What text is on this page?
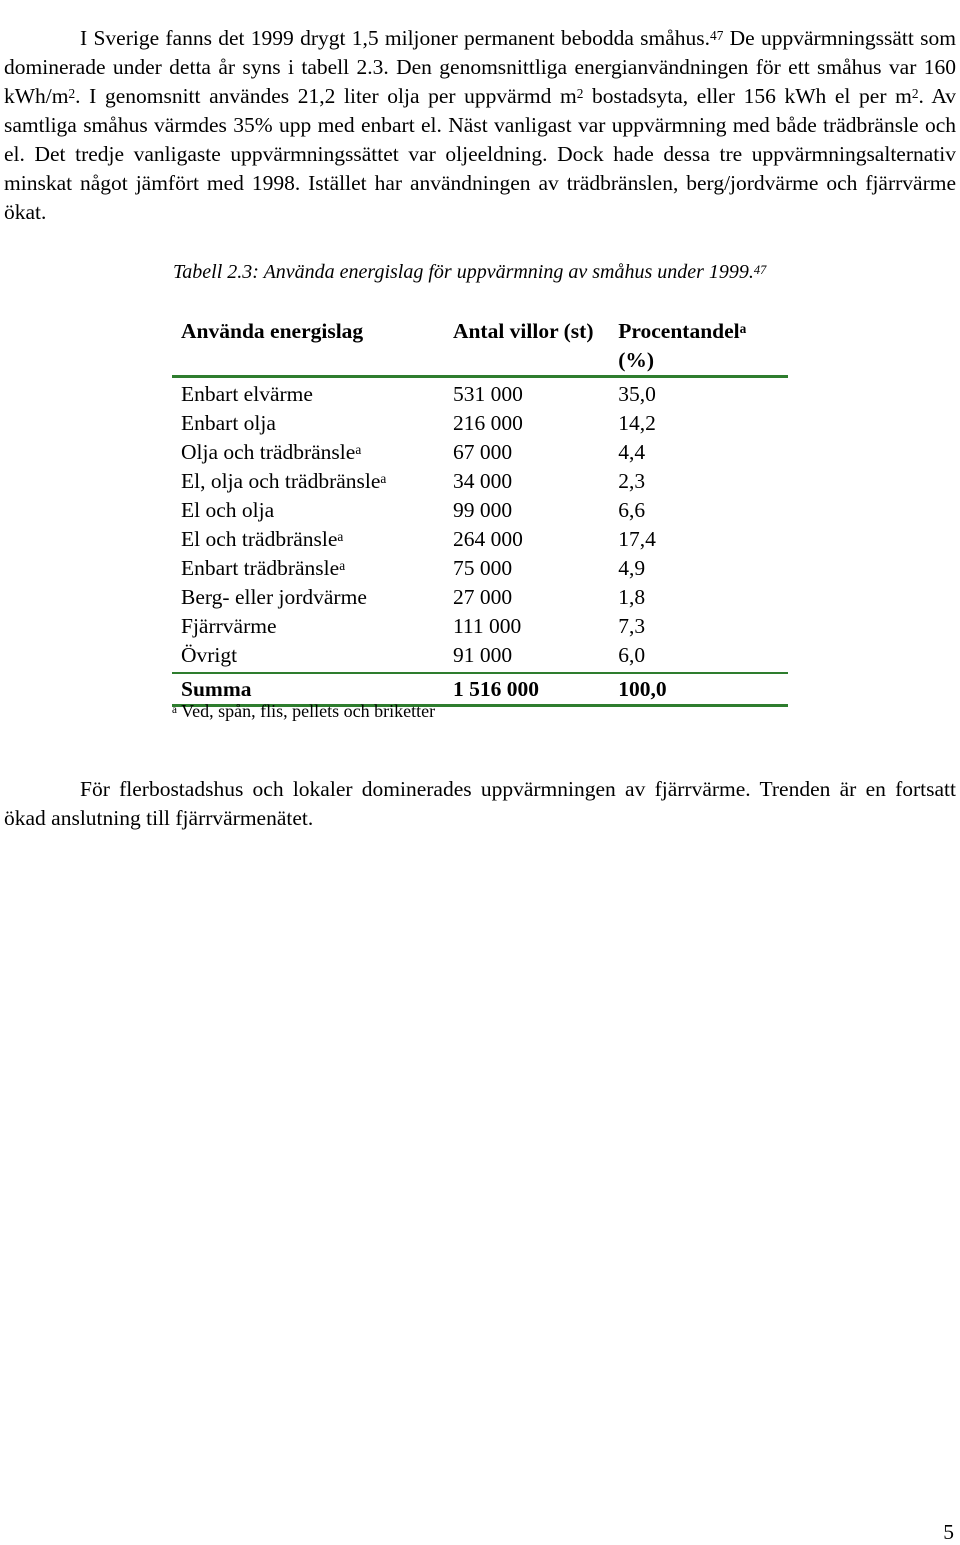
I Sverige fanns det 1999 drygt 1,5 miljoner permanent bebodda småhus.$^{47}$ De uppvärmningssätt som dominerade under detta år syns i tabell 2.3. Den genomsnittliga energianvändningen för ett småhus var 160 kWh/$m^2$. I genomsnitt användes 21,2 liter olja per uppvärmd $m^2$ bostadsyta, eller 156 kWh el per $m^2$. Av samtliga småhus värmdes 35% upp med enbart el. Näst vanligast var uppvärmning med både trädbränsle och el. Det tredje vanligaste uppvärmningssättet var oljeeldning. Dock hade dessa tre uppvärmningsalternativ minskat något jämfört med 1998. Istället har användningen av trädbränslen, berg/jordvärme och fjärrvärme ökat.

Tabell 2.3: Använda energislag för uppvärmning av småhus under 1999.47
Använda energislag	Antal villor (st)	Procentandel$^a$
(%)
Enbart elvärme	531 000	35,0
Enbart olja	216 000	14,2
Olja och trädbränsle$^a$	67 000	4,4
El, olja och trädbränsle$^a$	34 000	2,3
El och olja	99 000	6,6
El och trädbränsle$^a$	264 000	17,4
Enbart trädbränsle$^a$	75 000	4,9
Berg- eller jordvärme	27 000	1,8
Fjärrvärme	111 000	7,3
Övrigt	91 000	6,0
Summa	1 516 000	100,0
$^a$ Ved, spån, flis, pellets och briketter

För flerbostadshus och lokaler dominerades uppvärmningen av fjärrvärme. Trenden är en fortsatt ökad anslutning till fjärrvärmenätet.

5
